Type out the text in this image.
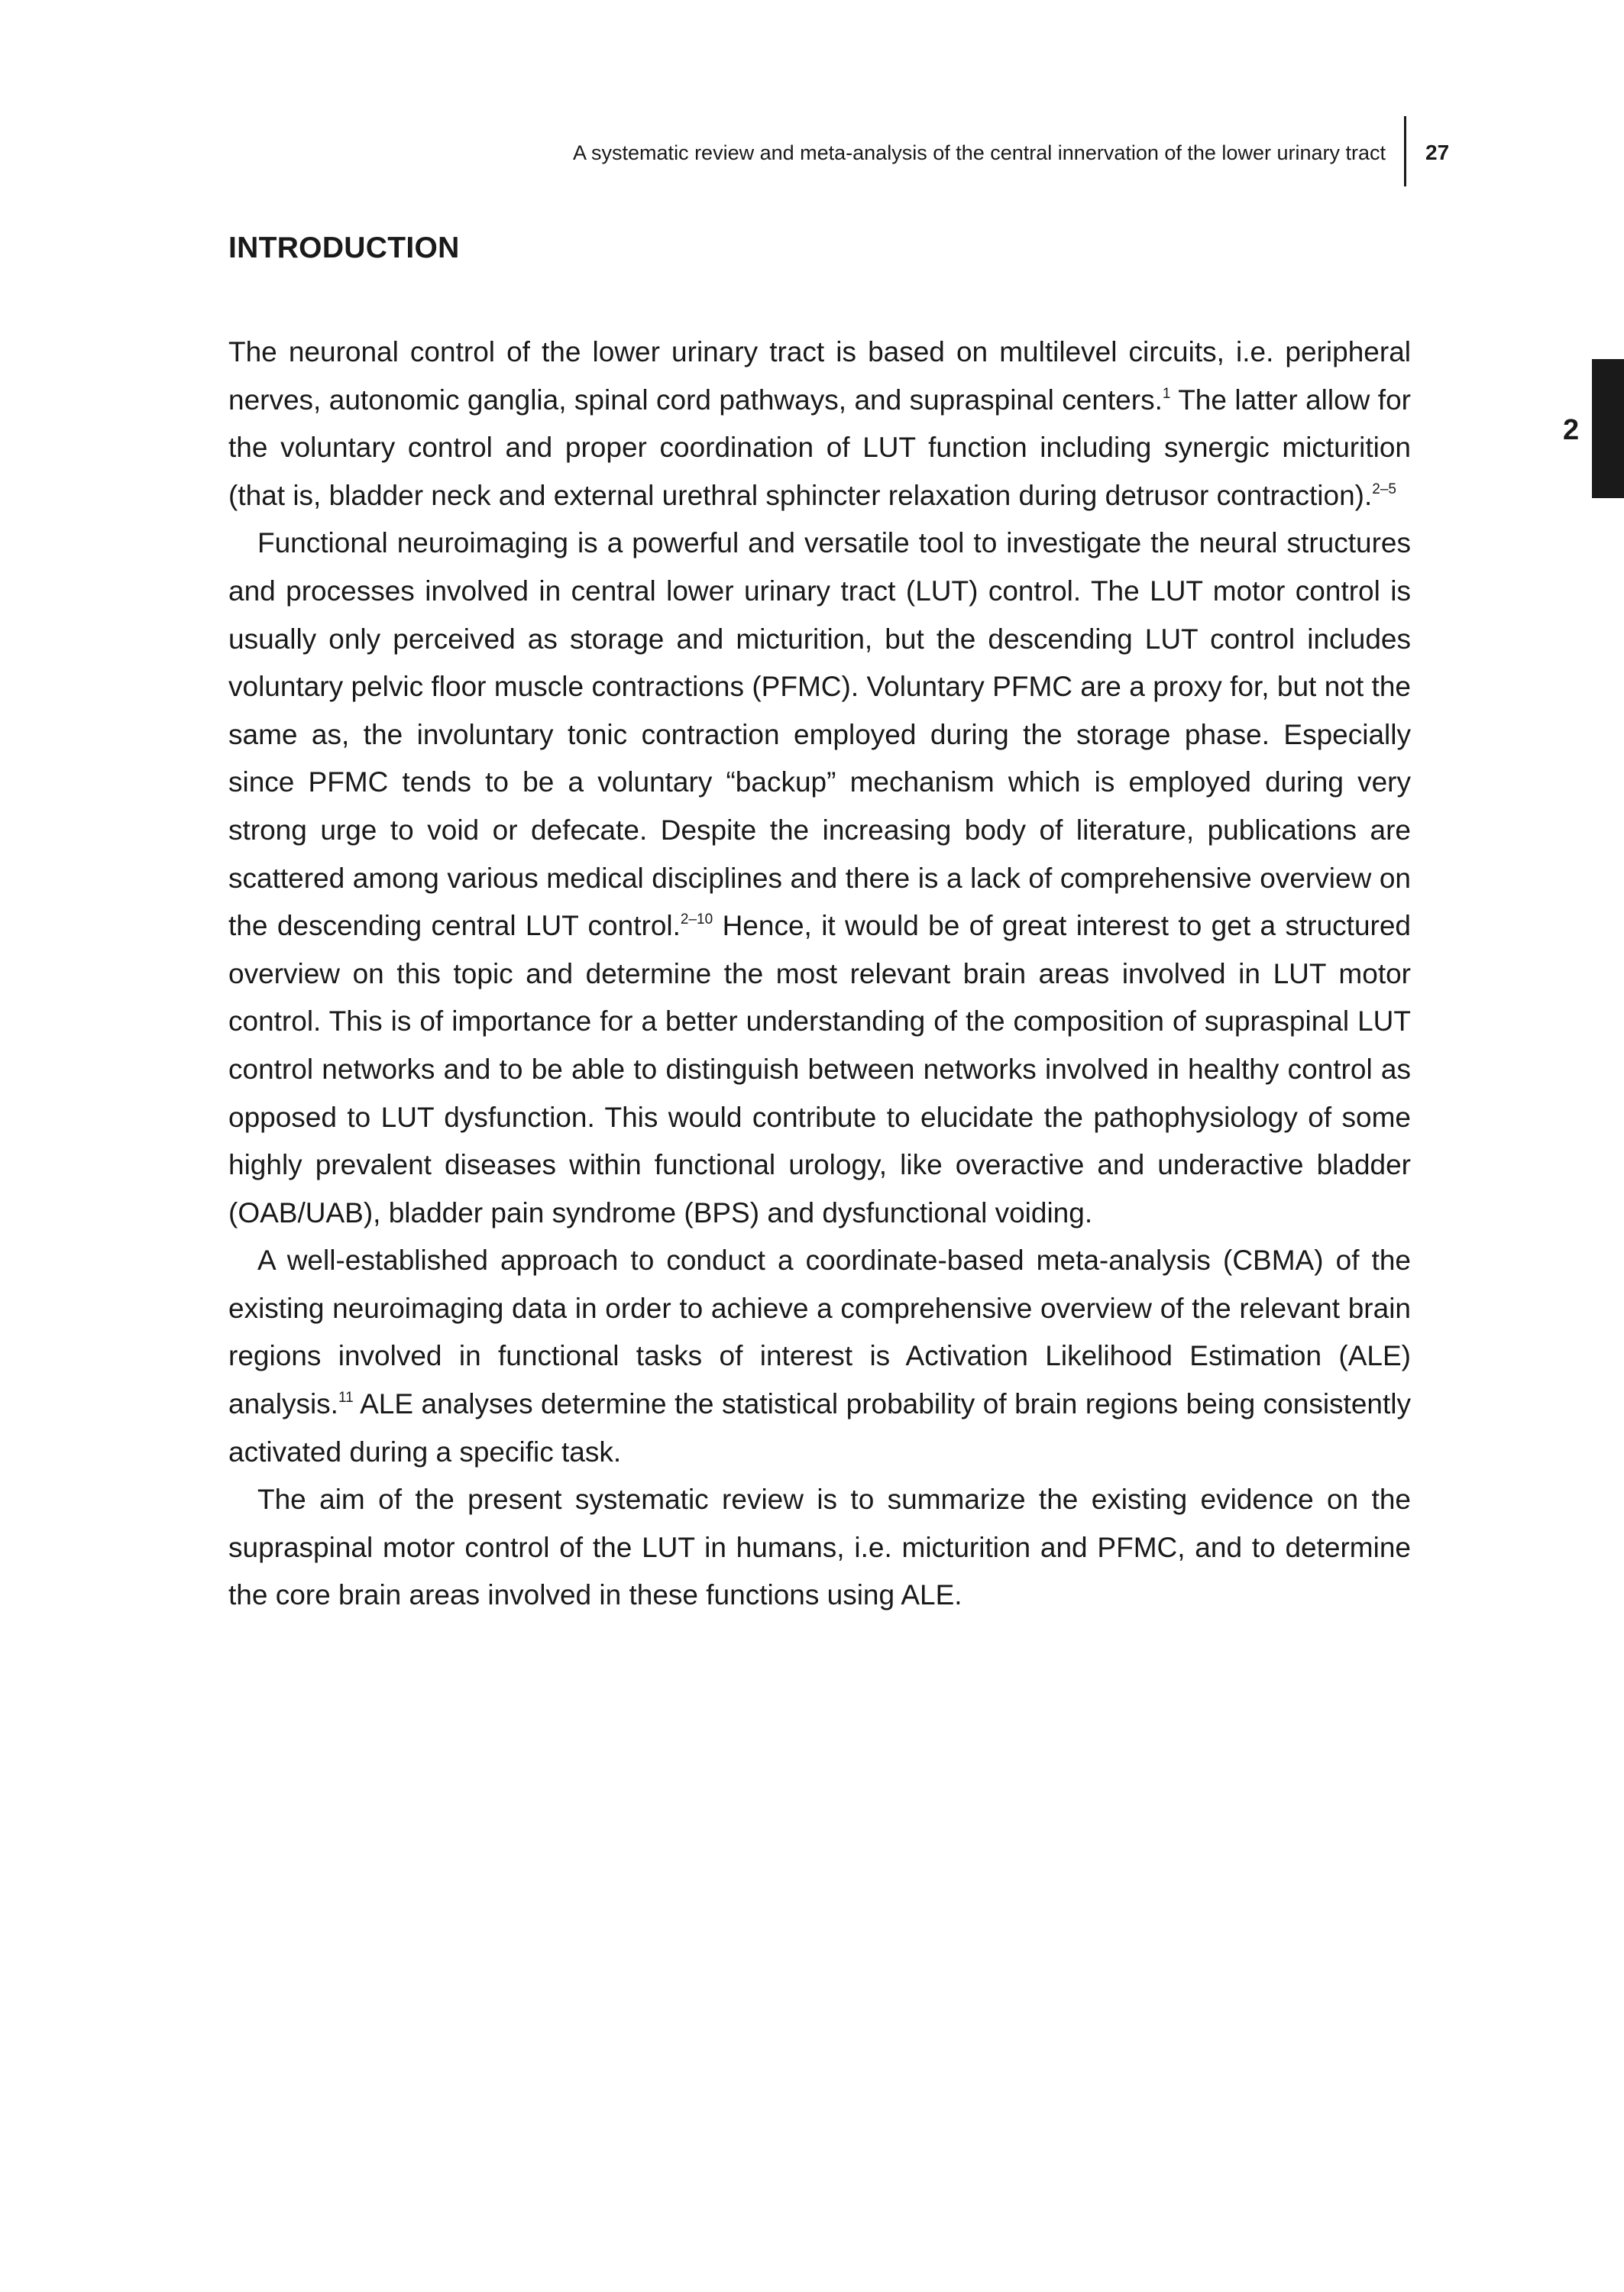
A systematic review and meta-analysis of the central innervation of the lower urinary tract 27
2
INTRODUCTION

The neuronal control of the lower urinary tract is based on multilevel circuits, i.e. peripheral nerves, autonomic ganglia, spinal cord pathways, and supraspinal centers.$^1$ The latter allow for the voluntary control and proper coordination of LUT function including synergic micturition (that is, bladder neck and external urethral sphincter relaxation during detrusor contraction).$^{2-5}$

Functional neuroimaging is a powerful and versatile tool to investigate the neural structures and processes involved in central lower urinary tract (LUT) control. The LUT motor control is usually only perceived as storage and micturition, but the descending LUT control includes voluntary pelvic floor muscle contractions (PFMC). Voluntary PFMC are a proxy for, but not the same as, the involuntary tonic contraction employed during the storage phase. Especially since PFMC tends to be a voluntary “backup” mechanism which is employed during very strong urge to void or defecate. Despite the increasing body of literature, publications are scattered among various medical disciplines and there is a lack of comprehensive overview on the descending central LUT control.$^{2-10}$ Hence, it would be of great interest to get a structured overview on this topic and determine the most relevant brain areas involved in LUT motor control. This is of importance for a better understanding of the composition of supraspinal LUT control networks and to be able to distinguish between networks involved in healthy control as opposed to LUT dysfunction. This would contribute to elucidate the pathophysiology of some highly prevalent diseases within functional urology, like overactive and underactive bladder (OAB/UAB), bladder pain syndrome (BPS) and dysfunctional voiding.

A well-established approach to conduct a coordinate-based meta-analysis (CBMA) of the existing neuroimaging data in order to achieve a comprehensive overview of the relevant brain regions involved in functional tasks of interest is Activation Likelihood Estimation (ALE) analysis.$^{11}$ ALE analyses determine the statistical probability of brain regions being consistently activated during a specific task.

The aim of the present systematic review is to summarize the existing evidence on the supraspinal motor control of the LUT in humans, i.e. micturition and PFMC, and to determine the core brain areas involved in these functions using ALE.
